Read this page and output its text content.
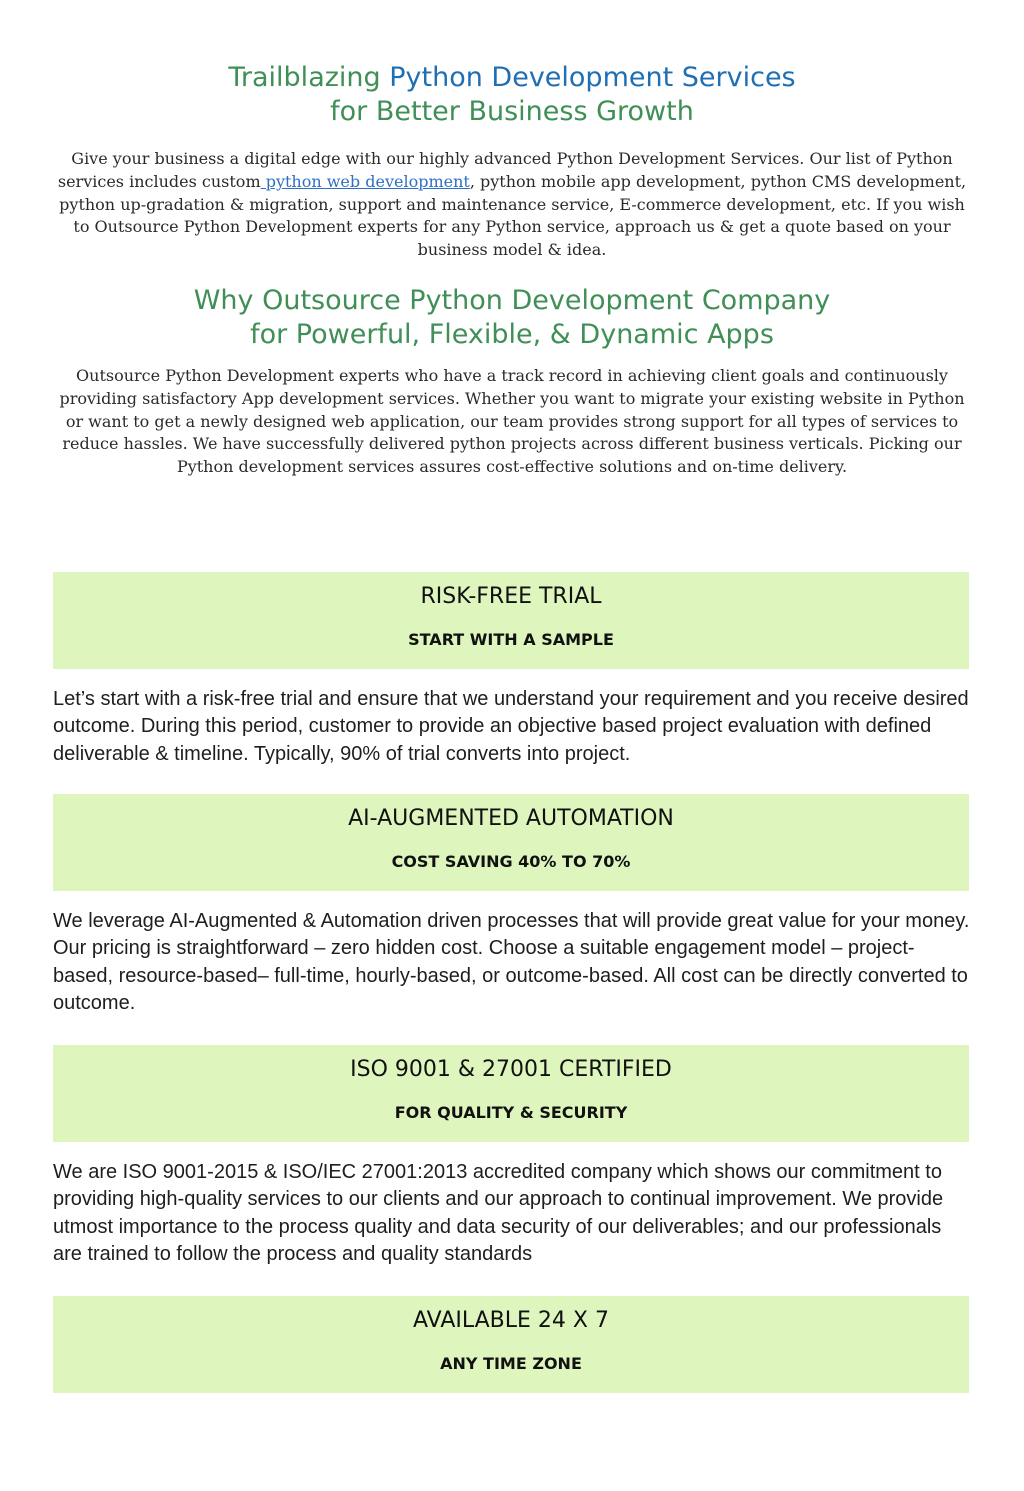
Trailblazing Python Development Services
for Better Business Growth

Give your business a digital edge with our highly advanced Python Development Services. Our list of Python services includes custom python web development, python mobile app development, python CMS development, python up-gradation & migration, support and maintenance service, E-commerce development, etc. If you wish to Outsource Python Development experts for any Python service, approach us & get a quote based on your business model & idea.

Why Outsource Python Development Company
for Powerful, Flexible, & Dynamic Apps

Outsource Python Development experts who have a track record in achieving client goals and continuously providing satisfactory App development services. Whether you want to migrate your existing website in Python or want to get a newly designed web application, our team provides strong support for all types of services to reduce hassles. We have successfully delivered python projects across different business verticals. Picking our Python development services assures cost-effective solutions and on-time delivery.

RISK-FREE TRIAL
START WITH A SAMPLE

Let’s start with a risk-free trial and ensure that we understand your requirement and you receive desired outcome. During this period, customer to provide an objective based project evaluation with defined deliverable & timeline. Typically, 90% of trial converts into project.

AI-AUGMENTED AUTOMATION
COST SAVING 40% TO 70%

We leverage AI-Augmented & Automation driven processes that will provide great value for your money. Our pricing is straightforward – zero hidden cost. Choose a suitable engagement model – project-based, resource-based– full-time, hourly-based, or outcome-based. All cost can be directly converted to outcome.

ISO 9001 & 27001 CERTIFIED
FOR QUALITY & SECURITY

We are ISO 9001-2015 & ISO/IEC 27001:2013 accredited company which shows our commitment to providing high-quality services to our clients and our approach to continual improvement. We provide utmost importance to the process quality and data security of our deliverables; and our professionals are trained to follow the process and quality standards

AVAILABLE 24 X 7
ANY TIME ZONE
